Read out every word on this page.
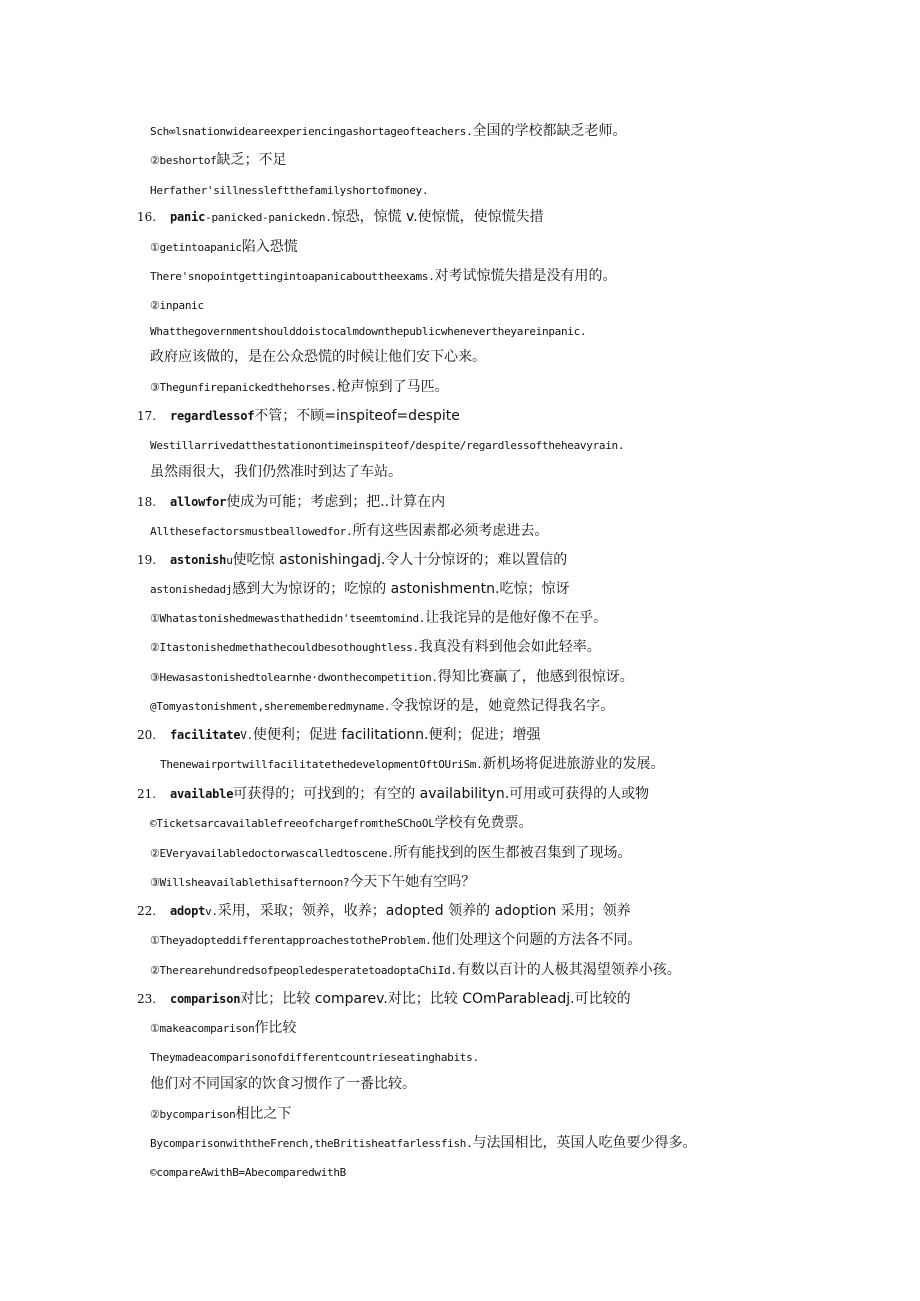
Sch∞lsnationwideareexperiencingashortageofteachers.全国的学校都缺乏老师。
②beshortof缺乏；不足
Herfather'sillnessleftthefamilyshortofmoney.
16. panic-panicked-panickedn.惊恐，惊慌 v.使惊慌，使惊慌失措
①getintoapanic陷入恐慌
There'snopointgettingintoapanicabouttheexams.对考试惊慌失措是没有用的。
②inpanic
Whatthegovernmentshoulddoistocalmdownthepublicwhenevertheyareinpanic.
政府应该做的，是在公众恐慌的时候让他们安下心来。
③Thegunfirepanickedthehorses.枪声惊到了马匹。
17. regardlessof不管；不顾=inspiteof=despite
Westillarrivedatthestationontimeinspiteof/despite/regardlessoftheheavyrain.
虽然雨很大，我们仍然准时到达了车站。
18. allowfor使成为可能；考虑到；把..计算在内
Allthesefactorsmustbeallowedfor.所有这些因素都必须考虑进去。
19. astonishu使吃惊 astonishingadj.令人十分惊讶的；难以置信的
astonishedadj感到大为惊讶的；吃惊的 astonishmentn.吃惊；惊讶
①Whatastonishedmewasthathedidn'tseemtomind.让我诧异的是他好像不在乎。
②Itastonishedmethathecouldbesothoughtless.我真没有料到他会如此轻率。
③Hewasastonishedtolearnhe·dwonthecompetition.得知比赛赢了，他感到很惊讶。
@Tomyastonishment,sherememberedmyname.令我惊讶的是，她竟然记得我名字。
20. facilitateV.使便利；促进 facilitationn.便利；促进；增强
ThenewairportwillfacilitatethedevelopmentOftOUriSm.新机场将促进旅游业的发展。
21. available可获得的；可找到的；有空的 availabilityn.可用或可获得的人或物
©TicketsarcavailablefreeofchargefromtheSChoOL学校有免费票。
②EVeryavailabledoctorwascalledtoscene.所有能找到的医生都被召集到了现场。
③Willsheavailablethisafternoon?今天下午她有空吗？
22. adoptv.采用，采取；领养，收养；adopted 领养的 adoption 采用；领养
①TheyadopteddifferentapproachestotheProblem.他们处理这个问题的方法各不同。
②TherearehundredsofpeopledesperatetoadoptaChiId.有数以百计的人极其渴望领养小孩。
23. comparison对比；比较 comparev.对比；比较 COmParableadj.可比较的
①makeacomparison作比较
Theymadeacomparisonofdifferentcountrieseatinghabits.
他们对不同国家的饮食习惯作了一番比较。
②bycomparison相比之下
BycomparisonwiththeFrench,theBritisheatfarlessfish.与法国相比，英国人吃鱼要少得多。
©compareAwithB=AbecomparedwithB
